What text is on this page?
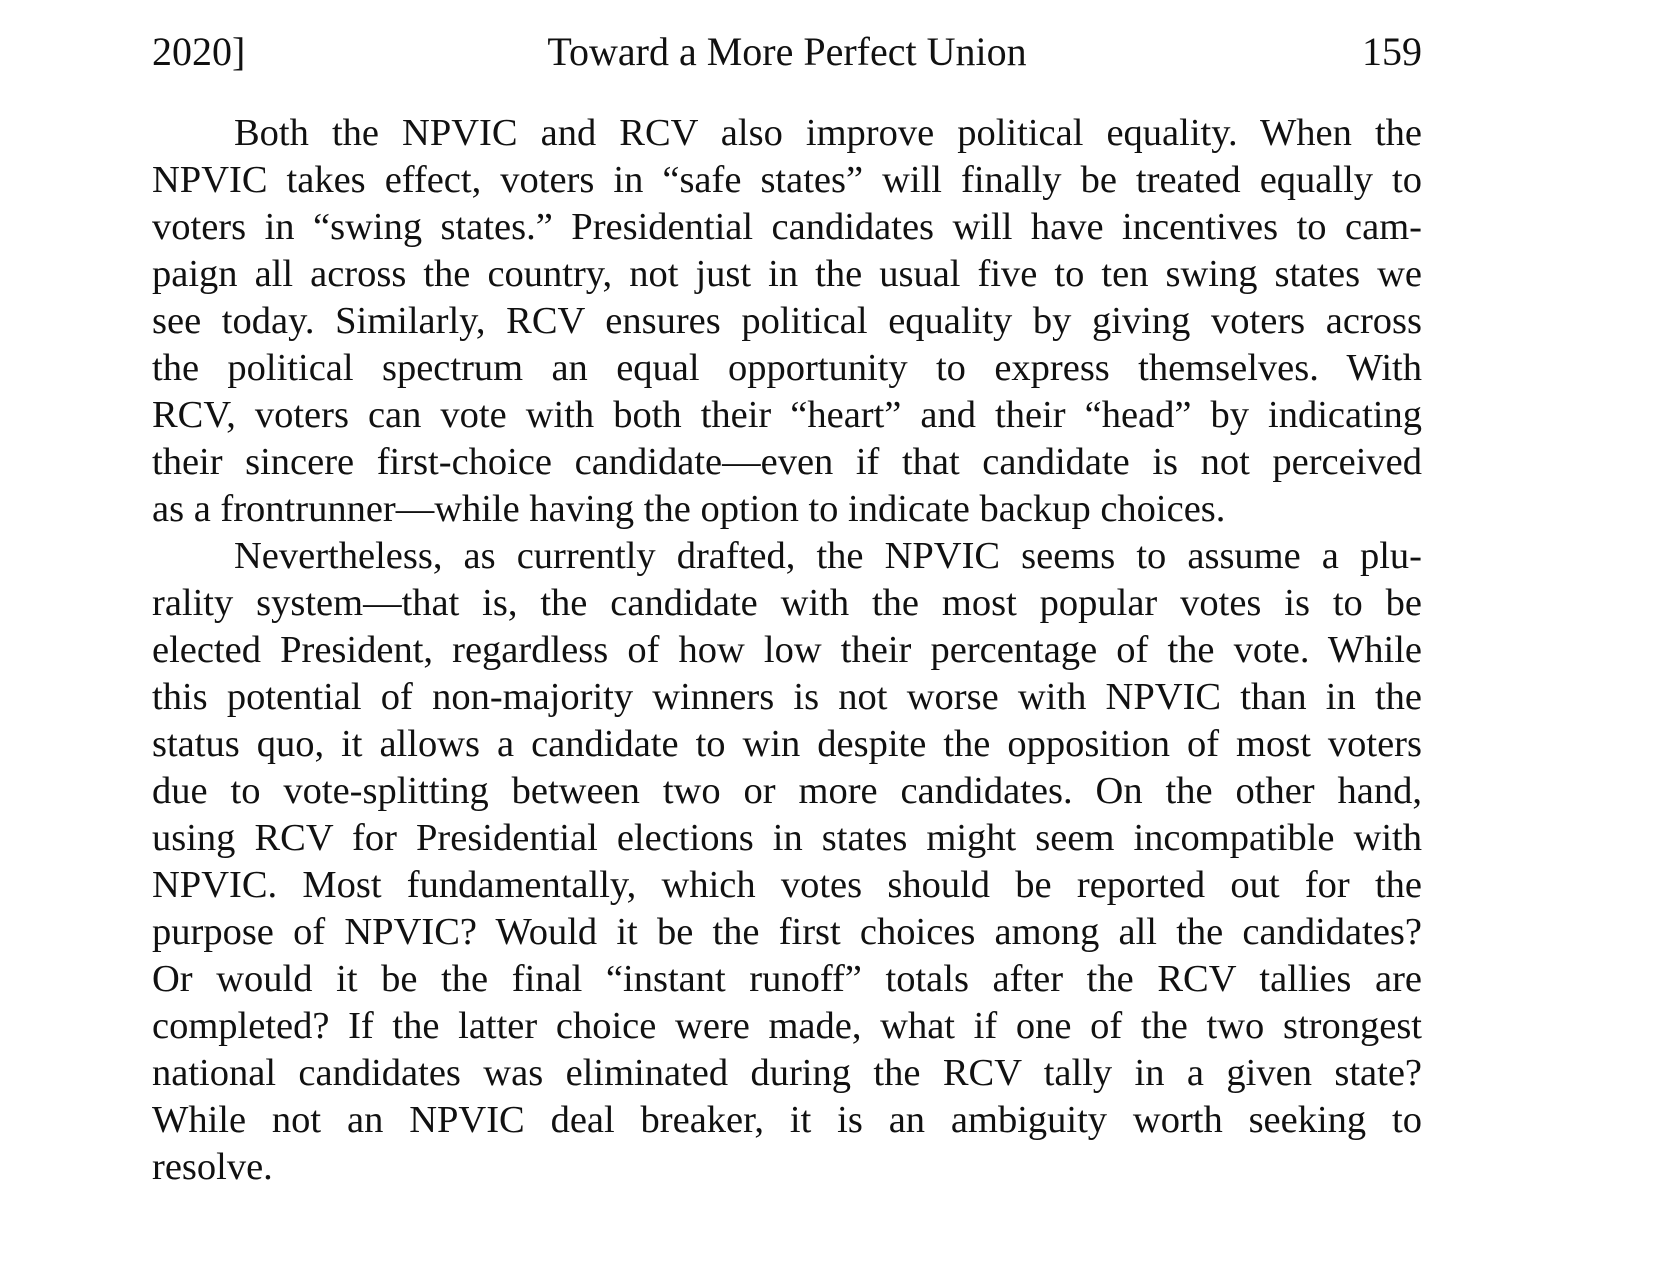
2020]	Toward a More Perfect Union	159
Both the NPVIC and RCV also improve political equality. When the
NPVIC takes effect, voters in “safe states” will finally be treated equally to
voters in “swing states.” Presidential candidates will have incentives to cam-
paign all across the country, not just in the usual five to ten swing states we
see today. Similarly, RCV ensures political equality by giving voters across
the political spectrum an equal opportunity to express themselves. With
RCV, voters can vote with both their “heart” and their “head” by indicating
their sincere first-choice candidate—even if that candidate is not perceived
as a frontrunner—while having the option to indicate backup choices.
Nevertheless, as currently drafted, the NPVIC seems to assume a plu-
rality system—that is, the candidate with the most popular votes is to be
elected President, regardless of how low their percentage of the vote. While
this potential of non-majority winners is not worse with NPVIC than in the
status quo, it allows a candidate to win despite the opposition of most voters
due to vote-splitting between two or more candidates. On the other hand,
using RCV for Presidential elections in states might seem incompatible with
NPVIC. Most fundamentally, which votes should be reported out for the
purpose of NPVIC? Would it be the first choices among all the candidates?
Or would it be the final “instant runoff” totals after the RCV tallies are
completed? If the latter choice were made, what if one of the two strongest
national candidates was eliminated during the RCV tally in a given state?
While not an NPVIC deal breaker, it is an ambiguity worth seeking to
resolve.
